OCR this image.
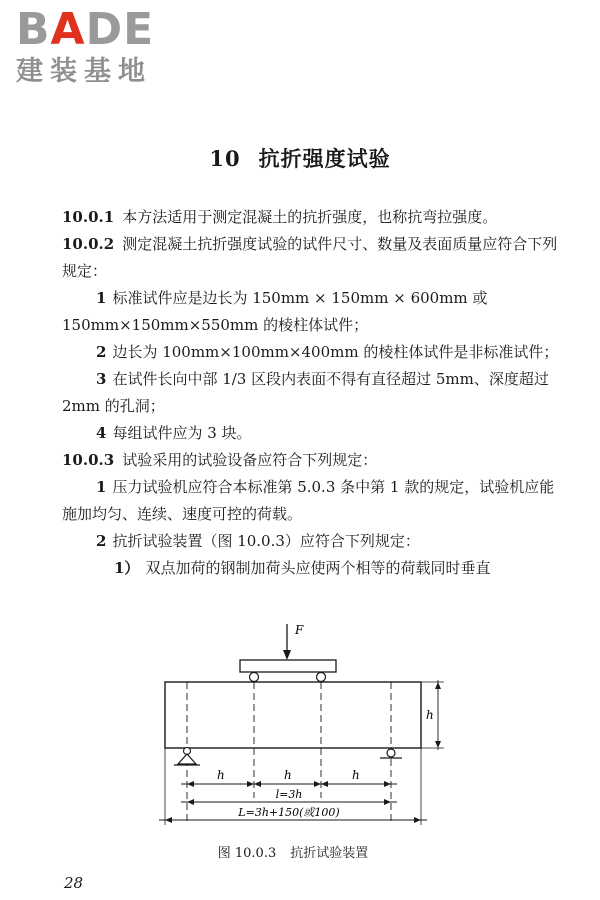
BADE
建装基地
10 抗折强度试验

10.0.1 本方法适用于测定混凝土的抗折强度，也称抗弯拉强度。

10.0.2 测定混凝土抗折强度试验的试件尺寸、数量及表面质量应符合下列规定：

1 标准试件应是边长为 150mm × 150mm × 600mm 或 150mm×150mm×550mm 的棱柱体试件；

2 边长为 100mm×100mm×400mm 的棱柱体试件是非标准试件；

3 在试件长向中部 1/3 区段内表面不得有直径超过 5mm、深度超过 2mm 的孔洞；

4 每组试件应为 3 块。

10.0.3 试验采用的试验设备应符合下列规定：

1 压力试验机应符合本标准第 5.0.3 条中第 1 款的规定，试验机应能施加均匀、连续、速度可控的荷载。

2 抗折试验装置（图 10.0.3）应符合下列规定：

1） 双点加荷的钢制加荷头应使两个相等的荷载同时垂直

F
h
h	h	h
l=3h
L=3h+150(或100)
图 10.0.3 抗折试验装置
28
